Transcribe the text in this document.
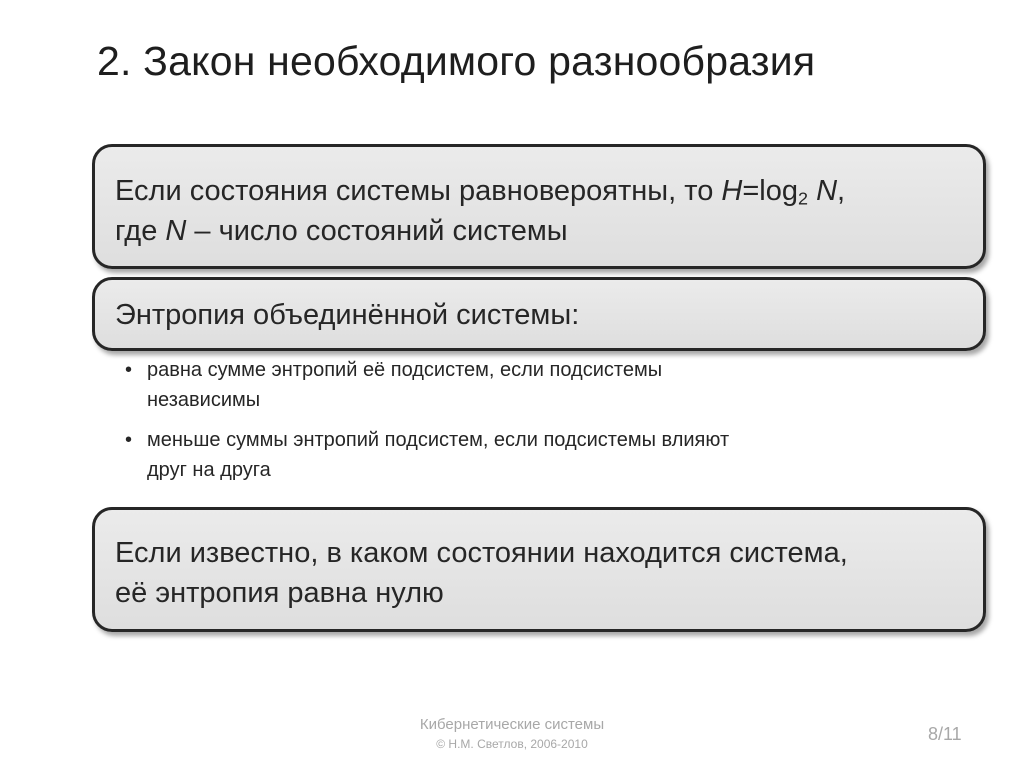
2. Закон необходимого разнообразия
Если состояния системы равновероятны, то $H=\log_2$ N,
где N – число состояний системы
Энтропия объединённой системы:
• равна сумме энтропий её подсистем, если подсистемы
независимы
• меньше суммы энтропий подсистем, если подсистемы влияют
друг на друга
Если известно, в каком состоянии находится система,
её энтропия равна нулю
Кибернетические системы
© Н.М. Светлов, 2006-2010	8/11
